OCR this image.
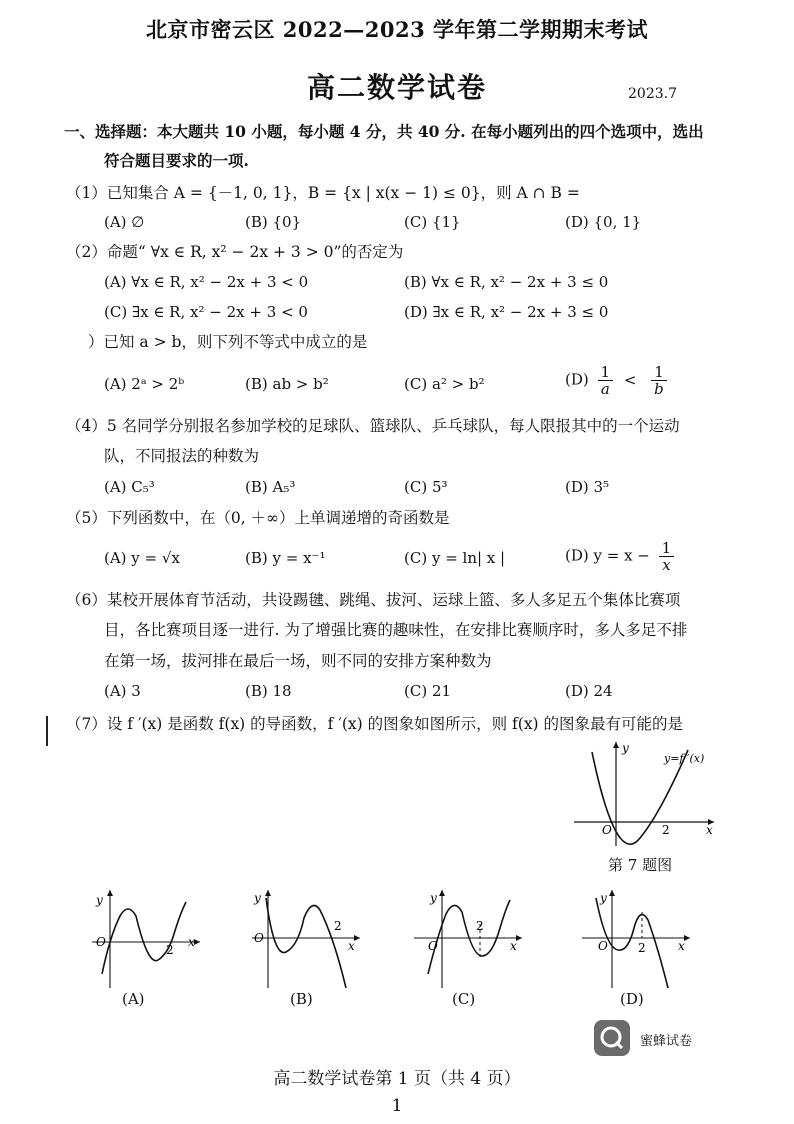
北京市密云区 2022—2023 学年第二学期期末考试
高二数学试卷	2023.7
一、选择题：本大题共 10 小题，每小题 4 分，共 40 分. 在每小题列出的四个选项中，选出
符合题目要求的一项.
（1）已知集合 A = {－1, 0, 1}，B = {x | x(x − 1) ≤ 0}，则 A ∩ B =
(A) ∅	(B) {0}	(C) {1}	(D) {0, 1}
（2）命题“ ∀x ∈ R, x² − 2x + 3 > 0”的否定为
(A) ∀x ∈ R, x² − 2x + 3 < 0	(B) ∀x ∈ R, x² − 2x + 3 ≤ 0
(C) ∃x ∈ R, x² − 2x + 3 < 0	(D) ∃x ∈ R, x² − 2x + 3 ≤ 0
）已知 a > b，则下列不等式中成立的是
(A) 2ᵃ > 2ᵇ	(B) ab > b²	(C) a² > b²	$(D) \frac{1}{a} < \frac{1}{b}$
（4）5 名同学分别报名参加学校的足球队、篮球队、乒乓球队，每人限报其中的一个运动
队，不同报法的种数为
(A) C₅³	(B) A₅³	(C) 5³	(D) 3⁵
（5）下列函数中，在（0, ＋∞）上单调递增的奇函数是
(A) y = √x	(B) y = x⁻¹	(C) y = ln| x |	(D) $y = x - \frac{1}{x}$
（6）某校开展体育节活动，共设踢毽、跳绳、拔河、运球上篮、多人多足五个集体比赛项
目，各比赛项目逐一进行. 为了增强比赛的趣味性，在安排比赛顺序时，多人多足不排
在第一场，拔河排在最后一场，则不同的安排方案种数为
(A) 3	(B) 18	(C) 21	(D) 24
（7）设 f ′(x) 是函数 f(x) 的导函数，f ′(x) 的图象如图所示，则 f(x) 的图象最有可能的是
y
x
O	2
y=f ′(x)
第 7 题图
y
x
O
2
(A)
y
x
O
2
(B)
y
x
O
2
(C)
y
x
O	2
(D)
蜜蜂试卷
高二数学试卷第 1 页（共 4 页）
1
